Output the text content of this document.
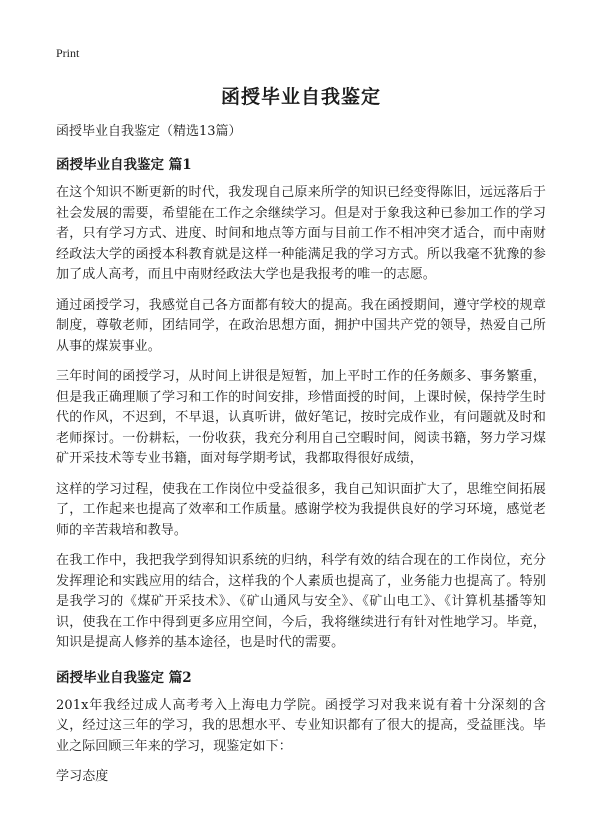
Print

函授毕业自我鉴定

函授毕业自我鉴定（精选13篇）

函授毕业自我鉴定 篇1

在这个知识不断更新的时代，我发现自己原来所学的知识已经变得陈旧，远远落后于社会发展的需要，希望能在工作之余继续学习。但是对于象我这种已参加工作的学习者，只有学习方式、进度、时间和地点等方面与目前工作不相冲突才适合，而中南财经政法大学的函授本科教育就是这样一种能满足我的学习方式。所以我毫不犹豫的参加了成人高考，而且中南财经政法大学也是我报考的唯一的志愿。

通过函授学习，我感觉自己各方面都有较大的提高。我在函授期间，遵守学校的规章制度，尊敬老师，团结同学，在政治思想方面，拥护中国共产党的领导，热爱自己所从事的煤炭事业。

三年时间的函授学习，从时间上讲很是短暂，加上平时工作的任务颇多、事务繁重，但是我正确理顺了学习和工作的时间安排，珍惜面授的时间，上课时候，保持学生时代的作风，不迟到，不早退，认真听讲，做好笔记，按时完成作业，有问题就及时和老师探讨。一份耕耘，一份收获，我充分利用自己空暇时间，阅读书籍，努力学习煤矿开采技术等专业书籍，面对每学期考试，我都取得很好成绩，

这样的学习过程，使我在工作岗位中受益很多，我自己知识面扩大了，思维空间拓展了，工作起来也提高了效率和工作质量。感谢学校为我提供良好的学习环境，感觉老师的辛苦栽培和教导。

在我工作中，我把我学到得知识系统的归纳，科学有效的结合现在的工作岗位，充分发挥理论和实践应用的结合，这样我的个人素质也提高了，业务能力也提高了。特别是我学习的《煤矿开采技术》、《矿山通风与安全》、《矿山电工》、《计算机基播等知识，使我在工作中得到更多应用空间，今后，我将继续进行有针对性地学习。毕竟，知识是提高人修养的基本途径，也是时代的需要。

函授毕业自我鉴定 篇2

201x年我经过成人高考考入上海电力学院。函授学习对我来说有着十分深刻的含义，经过这三年的学习，我的思想水平、专业知识都有了很大的提高，受益匪浅。毕业之际回顾三年来的学习，现鉴定如下：

学习态度
